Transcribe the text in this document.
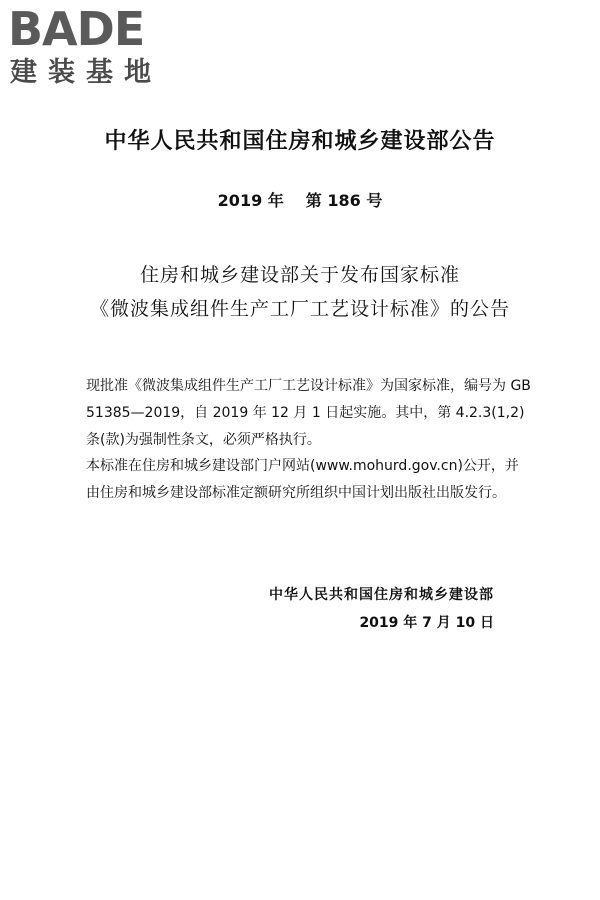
BADE
建装基地
中华人民共和国住房和城乡建设部公告
2019 年 第 186 号
住房和城乡建设部关于发布国家标准
《微波集成组件生产工厂工艺设计标准》的公告

现批准《微波集成组件生产工厂工艺设计标准》为国家标准，编号为 GB 51385—2019，自 2019 年 12 月 1 日起实施。其中，第 4.2.3(1,2)条(款)为强制性条文，必须严格执行。

本标准在住房和城乡建设部门户网站(www.mohurd.gov.cn)公开，并由住房和城乡建设部标准定额研究所组织中国计划出版社出版发行。

中华人民共和国住房和城乡建设部
2019 年 7 月 10 日
